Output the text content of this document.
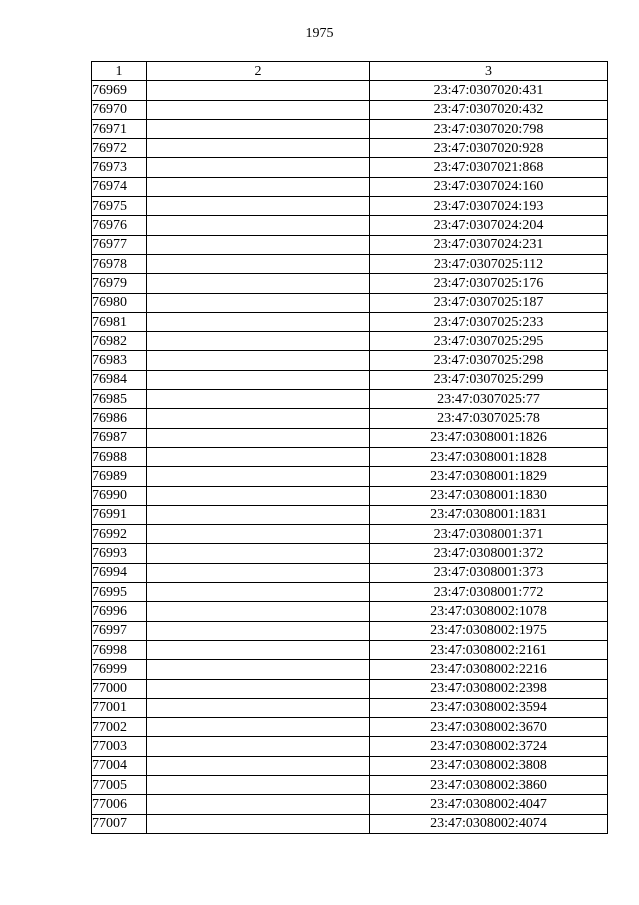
1975
1	2	3
76969		23:47:0307020:431
76970		23:47:0307020:432
76971		23:47:0307020:798
76972		23:47:0307020:928
76973		23:47:0307021:868
76974		23:47:0307024:160
76975		23:47:0307024:193
76976		23:47:0307024:204
76977		23:47:0307024:231
76978		23:47:0307025:112
76979		23:47:0307025:176
76980		23:47:0307025:187
76981		23:47:0307025:233
76982		23:47:0307025:295
76983		23:47:0307025:298
76984		23:47:0307025:299
76985		23:47:0307025:77
76986		23:47:0307025:78
76987		23:47:0308001:1826
76988		23:47:0308001:1828
76989		23:47:0308001:1829
76990		23:47:0308001:1830
76991		23:47:0308001:1831
76992		23:47:0308001:371
76993		23:47:0308001:372
76994		23:47:0308001:373
76995		23:47:0308001:772
76996		23:47:0308002:1078
76997		23:47:0308002:1975
76998		23:47:0308002:2161
76999		23:47:0308002:2216
77000		23:47:0308002:2398
77001		23:47:0308002:3594
77002		23:47:0308002:3670
77003		23:47:0308002:3724
77004		23:47:0308002:3808
77005		23:47:0308002:3860
77006		23:47:0308002:4047
77007		23:47:0308002:4074
